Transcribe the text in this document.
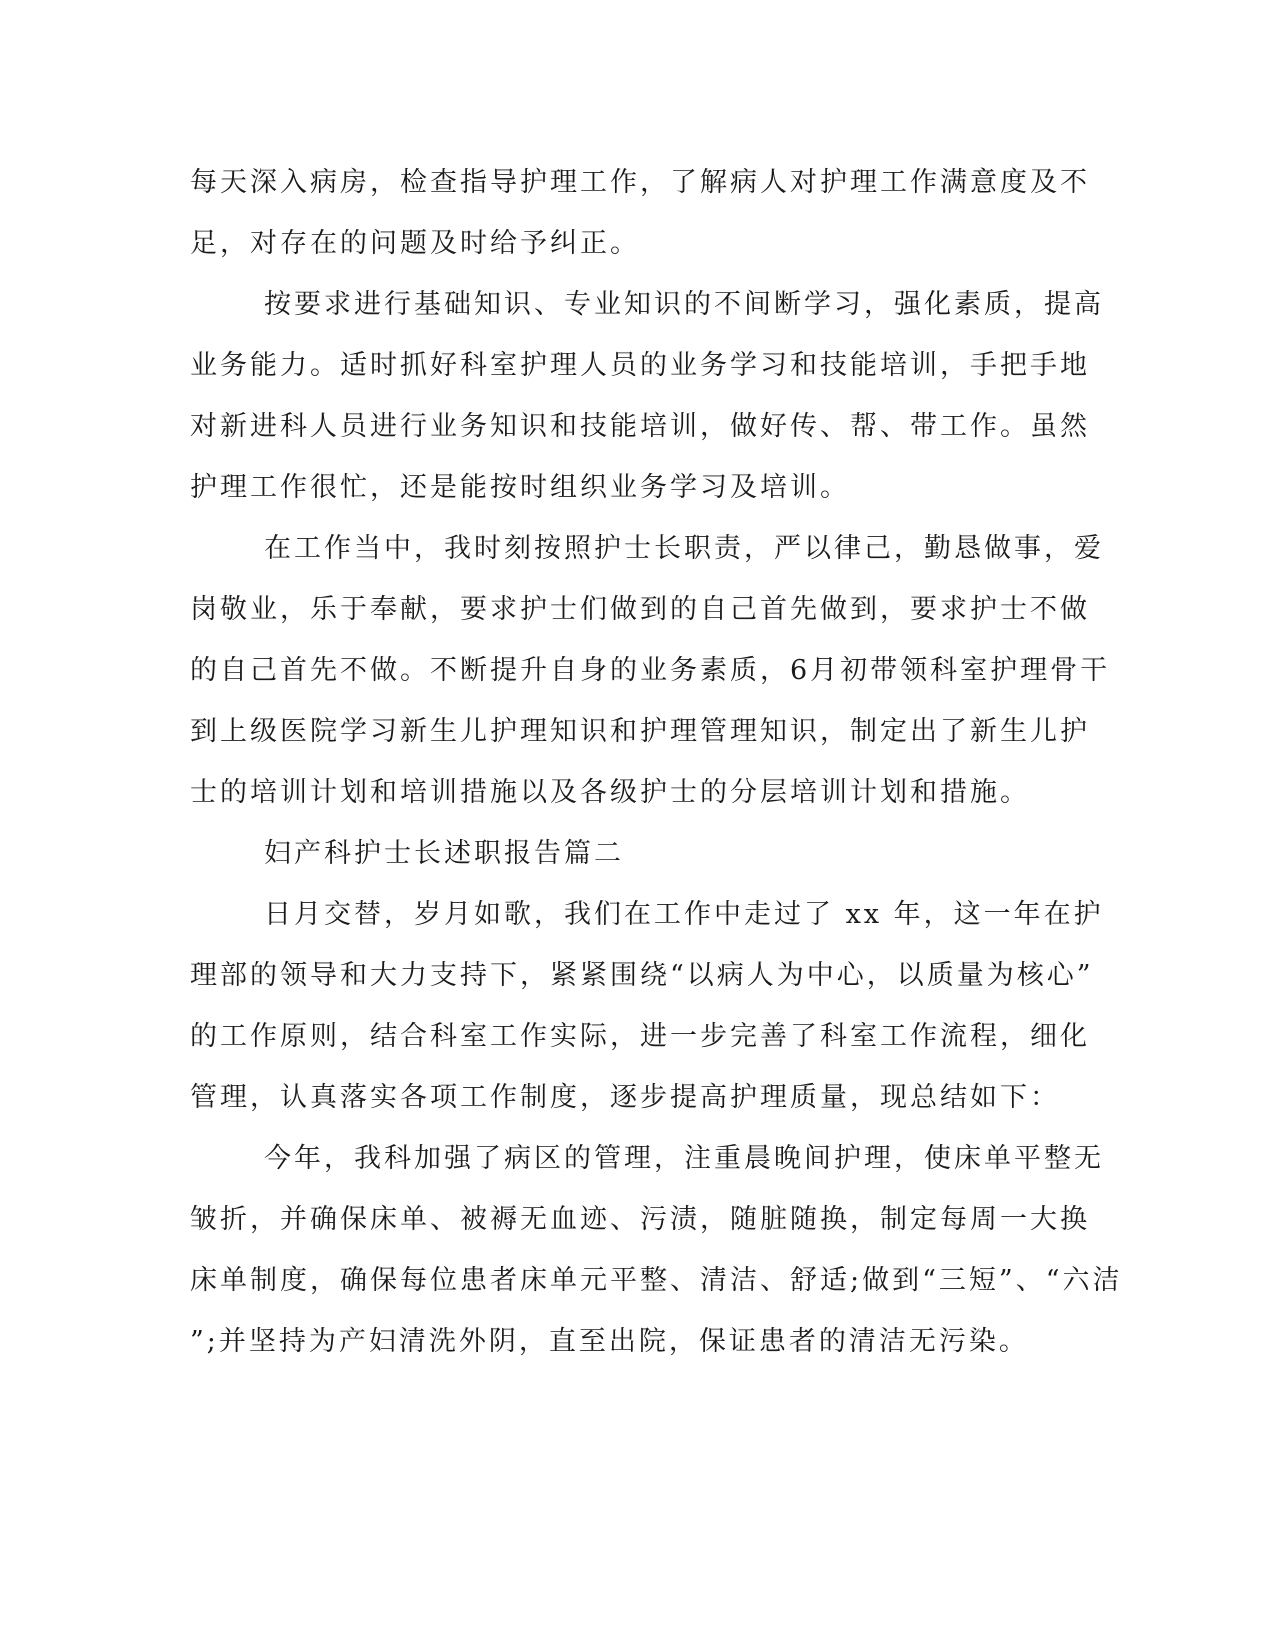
每天深入病房，检查指导护理工作，了解病人对护理工作满意度及不
足，对存在的问题及时给予纠正。
按要求进行基础知识、专业知识的不间断学习，强化素质，提高
业务能力。适时抓好科室护理人员的业务学习和技能培训，手把手地
对新进科人员进行业务知识和技能培训，做好传、帮、带工作。虽然
护理工作很忙，还是能按时组织业务学习及培训。
在工作当中，我时刻按照护士长职责，严以律己，勤恳做事，爱
岗敬业，乐于奉献，要求护士们做到的自己首先做到，要求护士不做
的自己首先不做。不断提升自身的业务素质，6月初带领科室护理骨干
到上级医院学习新生儿护理知识和护理管理知识，制定出了新生儿护
士的培训计划和培训措施以及各级护士的分层培训计划和措施。
妇产科护士长述职报告篇二
日月交替，岁月如歌，我们在工作中走过了 xx 年，这一年在护
理部的领导和大力支持下，紧紧围绕“以病人为中心，以质量为核心”
的工作原则，结合科室工作实际，进一步完善了科室工作流程，细化
管理，认真落实各项工作制度，逐步提高护理质量，现总结如下：
今年，我科加强了病区的管理，注重晨晚间护理，使床单平整无
皱折，并确保床单、被褥无血迹、污渍，随脏随换，制定每周一大换
床单制度，确保每位患者床单元平整、清洁、舒适;做到“三短”、“六洁
”;并坚持为产妇清洗外阴，直至出院，保证患者的清洁无污染。
